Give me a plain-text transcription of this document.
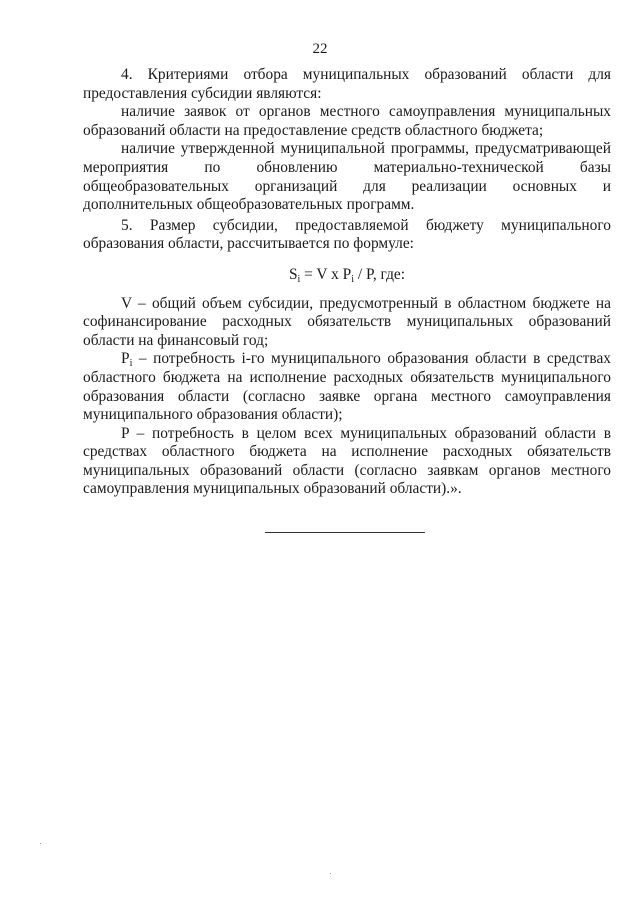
22

4. Критериями отбора муниципальных образований области для предоставления субсидии являются:

наличие заявок от органов местного самоуправления муниципальных образований области на предоставление средств областного бюджета;

наличие утвержденной муниципальной программы, предусматривающей мероприятия по обновлению материально-технической базы общеобразовательных организаций для реализации основных и дополнительных общеобразовательных программ.

5. Размер субсидии, предоставляемой бюджету муниципального образования области, рассчитывается по формуле:

$S_i = V$ x $P_i$ / P, где:

V – общий объем субсидии, предусмотренный в областном бюджете на софинансирование расходных обязательств муниципальных образований области на финансовый год;

$P_i$ – потребность i-го муниципального образования области в средствах областного бюджета на исполнение расходных обязательств муниципального образования области (согласно заявке органа местного самоуправления муниципального образования области);

P – потребность в целом всех муниципальных образований области в средствах областного бюджета на исполнение расходных обязательств муниципальных образований области (согласно заявкам органов местного самоуправления муниципальных образований области).».
